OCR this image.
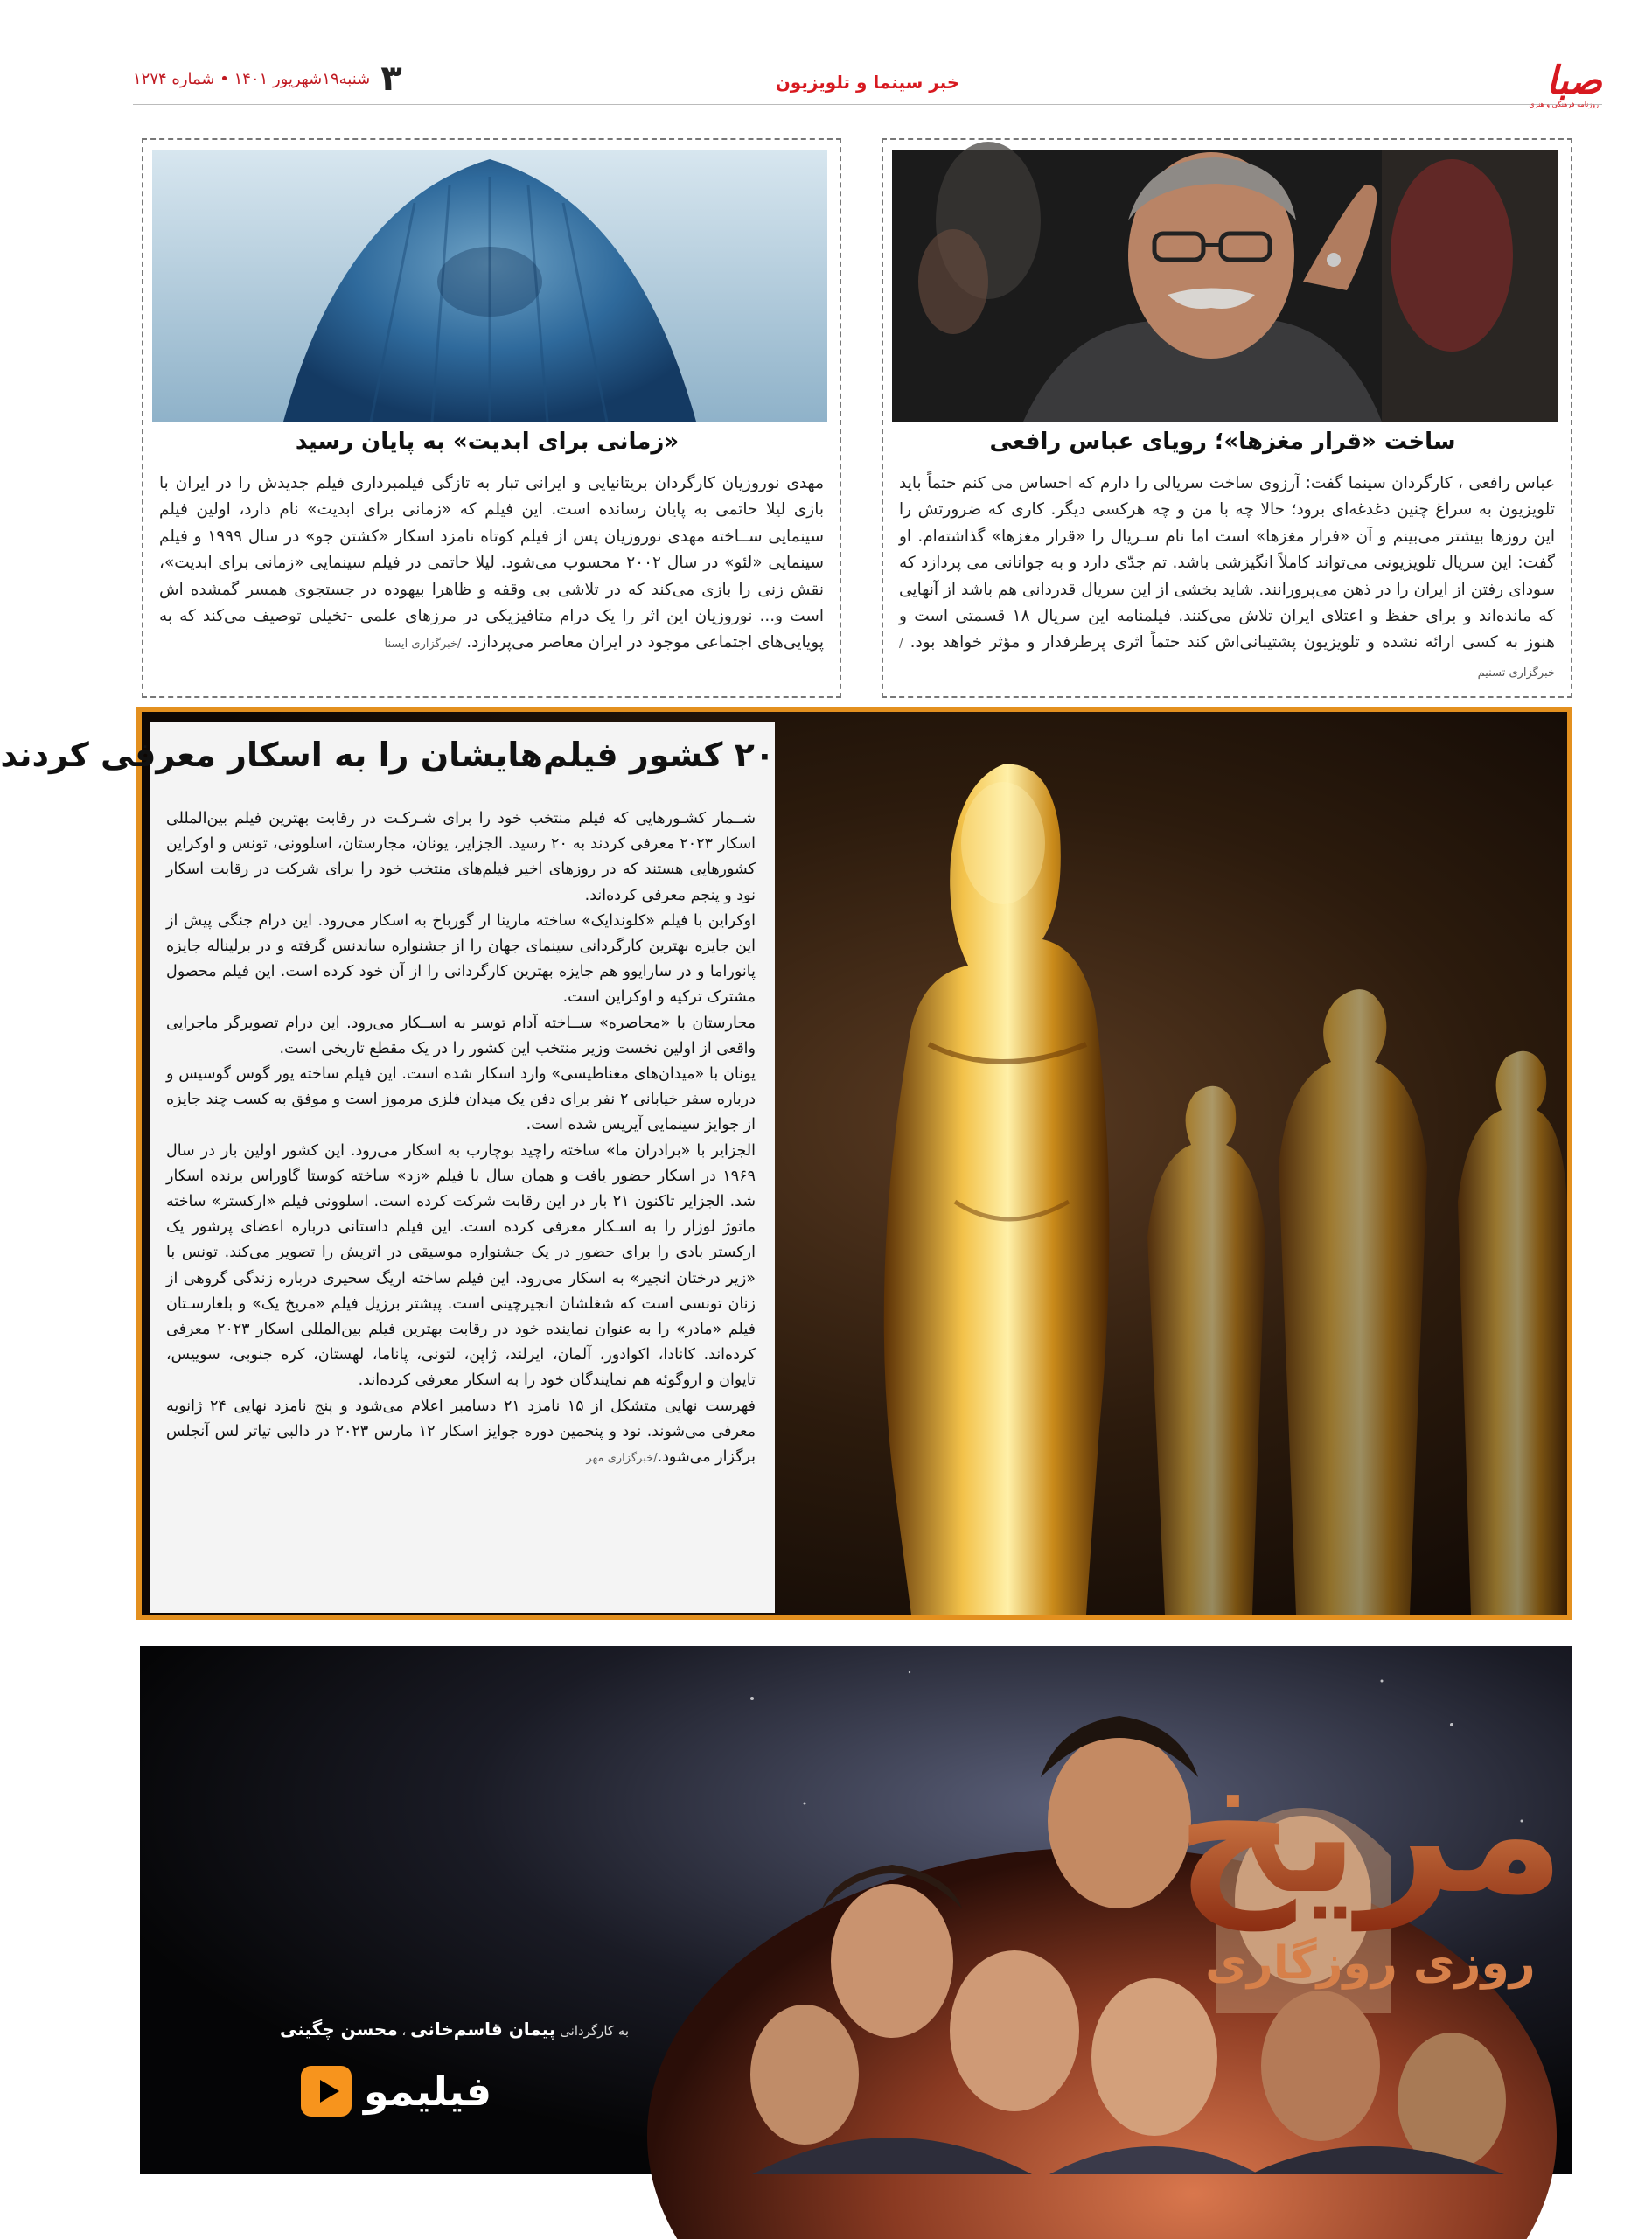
صبا
روزنامه فرهنگی و هنری
خبر سینما و تلویزیون
۳
شنبه۱۹شهریور ۱۴۰۱ • شماره ۱۲۷۴
ساخت «قرار مغزها»؛ رویای عباس رافعی
عباس رافعی ، کارگردان سینما گفت: آرزوی ساخت سریالی را دارم که احساس می کنم حتماً باید تلویزیون به سراغ چنین دغدغه‌ای برود؛ حالا چه با من و چه هرکسی دیگر. کاری که ضرورتش را این روزها بیشتر می‌بینم و آن «فرار مغزها» است اما نام سـریال را «قرار مغزها» گذاشته‌ام. او گفت: این سریال تلویزیونی می‌تواند کاملاً انگیزشی باشد. تم جدّی دارد و به جوانانی می پردازد که سودای رفتن از ایران را در ذهن می‌پرورانند. شاید بخشی از این سریال قدردانی هم باشد از آنهایی که مانده‌اند و برای حفظ و اعتلای ایران تلاش می‌کنند. فیلمنامه این سریال ۱۸ قسمتی است و هنوز به کسی ارائه نشده و تلویزیون پشتیبانی‌اش کند حتماً اثری پرطرفدار و مؤثر خواهد بود. /خبرگزاری تسنیم
«زمانی برای ابدیت» به پایان رسید
مهدی نوروزیان کارگردان بریتانیایی و ایرانی تبار به تازگی فیلمبرداری فیلم جدیدش را در ایران با بازی لیلا حاتمی به پایان رسانده است. این فیلم که «زمانی برای ابدیت» نام دارد، اولین فیلم سینمایی ســاخته مهدی نوروزیان پس از فیلم کوتاه نامزد اسکار «کشتن جو» در سال ۱۹۹۹ و فیلم سینمایی «لئو» در سال ۲۰۰۲ محسوب می‌شود. لیلا حاتمی در فیلم سینمایی «زمانی برای ابدیت»، نقش زنی را بازی می‌کند که در تلاشی بی وقفه و ظاهرا بیهوده در جستجوی همسر گمشده اش است و... نوروزیان این اثر را یک درام متافیزیکی در مرزهای علمی -تخیلی توصیف می‌کند که به پویایی‌های اجتماعی موجود در ایران معاصر می‌پردازد. /خبرگزاری ایسنا
۲۰ کشور فیلم‌هایشان را به اسکار معرفی کردند

شــمار کشـورهایی که فیلم منتخب خود را برای شـرکـت در رقابت بهترین فیلم بین‌المللی اسکار ۲۰۲۳ معرفی کردند به ۲۰ رسید. الجزایر، یونان، مجارستان، اسلوونی، تونس و اوکراین کشورهایی هستند که در روزهای اخیر فیلم‌های منتخب خود را برای شرکت در رقابت اسکار نود و پنجم معرفی کرده‌اند.

اوکراین با فیلم «کلوندایک» ساخته مارینا ار گورباخ به اسکار می‌رود. این درام جنگی پیش از این جایزه بهترین کارگردانی سینمای جهان را از جشنواره ساندنس گرفته و در برلیناله جایزه پانوراما و در سارایوو هم جایزه بهترین کارگردانی را از آن خود کرده است. این فیلم محصول مشترک ترکیه و اوکراین است.

مجارستان با «محاصره» ســاخته آدام توسر به اســکار می‌رود. این درام تصویرگر ماجرایی واقعی از اولین نخست وزیر منتخب این کشور را در یک مقطع تاریخی است.

یونان با «میدان‌های مغناطیسی» وارد اسکار شده است. این فیلم ساخته یور گوس گوسیس و درباره سفر خیابانی ۲ نفر برای دفن یک میدان فلزی مرموز است و موفق به کسب چند جایزه از جوایز سینمایی آیریس شده است.

الجزایر با «برادران ما» ساخته راچید بوچارب به اسکار می‌رود. این کشور اولین بار در سال ۱۹۶۹ در اسکار حضور یافت و همان سال با فیلم «زد» ساخته کوستا گاوراس برنده اسکار شد. الجزایر تاکنون ۲۱ بار در این رقابت شرکت کرده است. اسلوونی فیلم «ارکستر» ساخته ماتوژ لوزار را به اسـکار معرفی کرده است. این فیلم داستانی درباره اعضای پرشور یک ارکستر بادی را برای حضور در یک جشنواره موسیقی در اتریش را تصویر می‌کند. تونس با «زیر درختان انجیر» به اسکار می‌رود. این فیلم ساخته اریگ سحیری درباره زندگی گروهی از زنان تونسی است که شغلشان انجیرچینی است. پیشتر برزیل فیلم «مریخ یک» و بلغارسـتان فیلم «مادر» را به عنوان نماینده خود در رقابت بهترین فیلم بین‌المللی اسکار ۲۰۲۳ معرفی کرده‌اند. کانادا، اکوادور، آلمان، ایرلند، ژاپن، لتونی، پاناما، لهستان، کره جنوبی، سوییس، تایوان و اروگوئه هم نمایندگان خود را به اسکار معرفی کرده‌اند.

فهرست نهایی متشکل از ۱۵ نامزد ۲۱ دسامبر اعلام می‌شود و پنج نامزد نهایی ۲۴ ژانویه معرفی می‌شوند. نود و پنجمین دوره جوایز اسکار ۱۲ مارس ۲۰۲۳ در دالبی تیاتر لس آنجلس برگزار می‌شود./خبرگزاری مهر

مریخ
روزی روزگاری
به کارگردانی پیمان قاسم‌خانی ، محسن چگینی
فیلیمو
